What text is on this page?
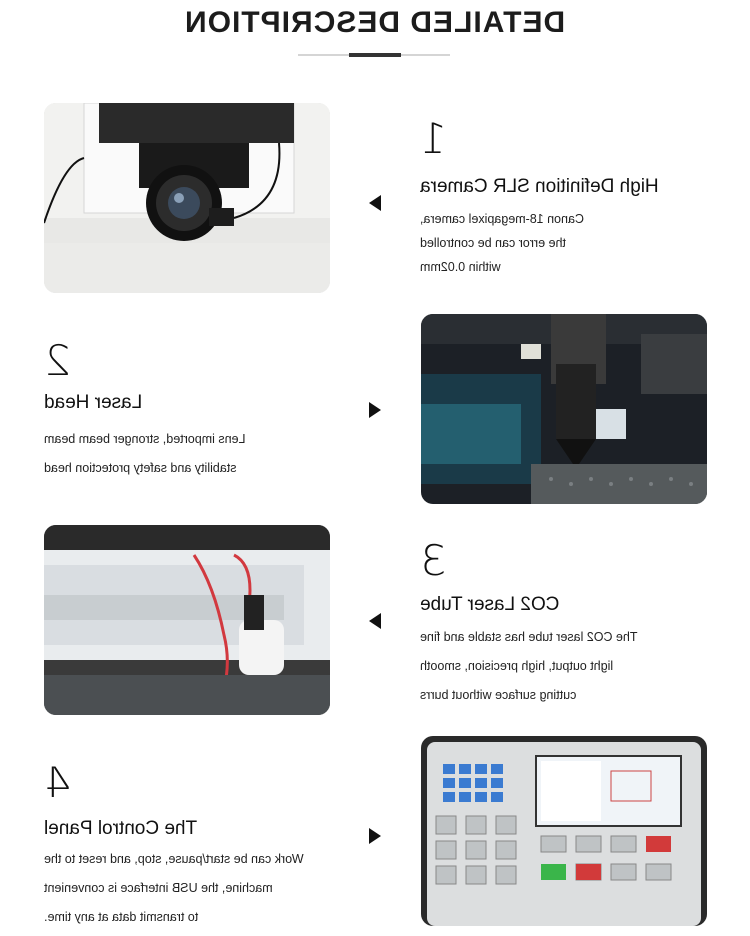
DETAILED DESCRIPTION
1
High Definition SLR Camera
Canon 18-megapixel camera,
the error can be controlled
within 0.02mm
2
Laser Head
Lens imported, stronger beam beam
stability and safety protection head
3
CO2 Laser Tube
The CO2 laser tube has stable and fine
light output, high precision, smooth
cutting surface without burrs
4
The Control Panel
Work can be start/pause, stop, and reset to the
machine, the USB interface is convenient
to transmit data at any time.
